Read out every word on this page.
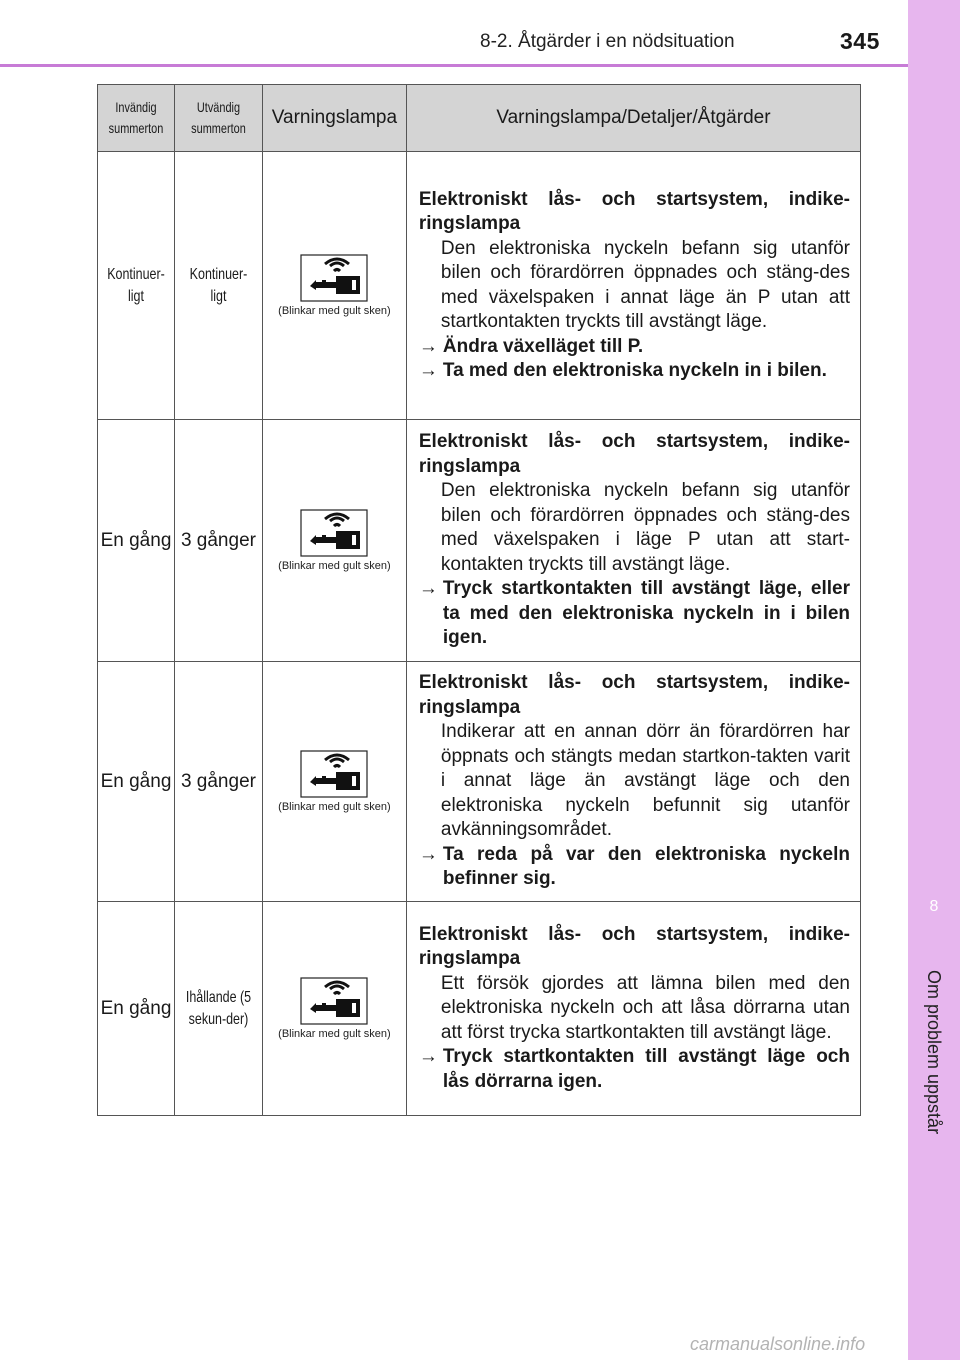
8-2. Åtgärder i en nödsituation	345
8
Om problem uppstår
Invändig summerton	Utvändig summerton	Varningslampa	Varningslampa/Detaljer/Åtgärder
Kontinuer-ligt	Kontinuer-ligt	(Blinkar med gult sken)	Elektroniskt lås- och startsystem, indike-ringslampa
Den elektroniska nyckeln befann sig utanför bilen och förardörren öppnades och stäng-des med växelspaken i annat läge än P utan att startkontakten tryckts till avstängt läge.
→ Ändra växelläget till P.
→ Ta med den elektroniska nyckeln in i bilen.

En gång	3 gånger	(Blinkar med gult sken)	Elektroniskt lås- och startsystem, indike-ringslampa
Den elektroniska nyckeln befann sig utanför bilen och förardörren öppnades och stäng-des med växelspaken i läge P utan att start-kontakten tryckts till avstängt läge.
→ Tryck startkontakten till avstängt läge, eller ta med den elektroniska nyckeln in i bilen igen.

En gång	3 gånger	(Blinkar med gult sken)	Elektroniskt lås- och startsystem, indike-ringslampa
Indikerar att en annan dörr än förardörren har öppnats och stängts medan startkon-takten varit i annat läge än avstängt läge och den elektroniska nyckeln befunnit sig utanför avkänningsområdet.
→ Ta reda på var den elektroniska nyckeln befinner sig.

En gång	Ihållande (5 sekun-der)	(Blinkar med gult sken)	Elektroniskt lås- och startsystem, indike-ringslampa
Ett försök gjordes att lämna bilen med den elektroniska nyckeln och att låsa dörrarna utan att först trycka startkontakten till avstängt läge.
→ Tryck startkontakten till avstängt läge och lås dörrarna igen.
carmanualsonline.info
